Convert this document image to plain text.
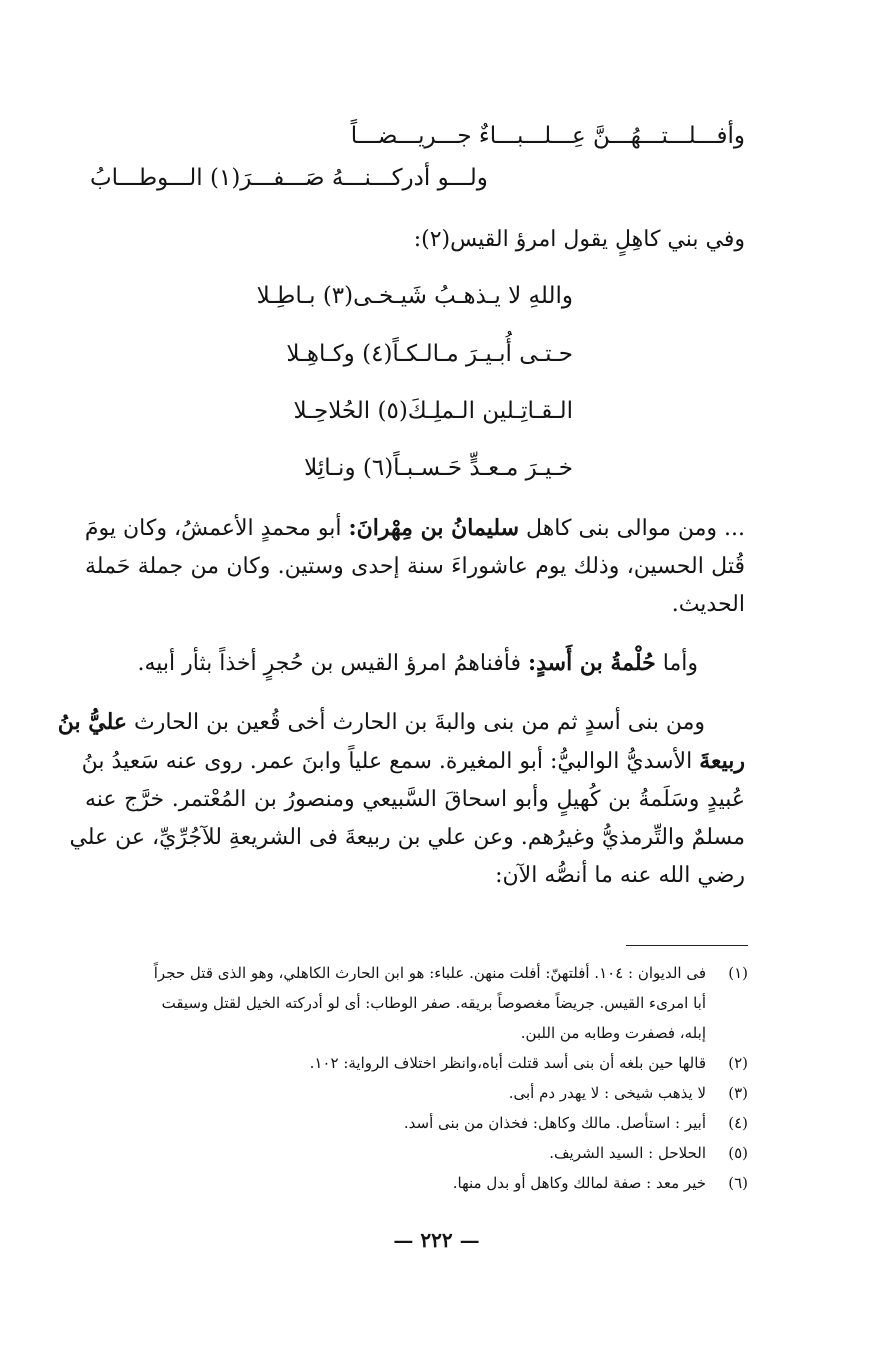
وأفـــلـــتـــهُـــنَّ عِـــلـــبـــاءٌ جـــريـــضـــاً
ولـــو أدركـــنـــهُ صَـــفـــرَ(١) الـــوطـــابُ
وفي بني كاهِلٍ يقول امرؤ القيس(٢):
واللهِ لا يـذهـبُ شَيـخـى(٣) بـاطِـلا
حـتـى أُبـيـرَ مـالـكـاً(٤) وكـاهِـلا
الـقـاتِـلين الـملِـكَ(٥) الحُلاحِـلا
خـيـرَ مـعـدٍّ حَـسـبـاً(٦) ونـائِلا
... ومن موالى بنى كاهل سليمانُ بن مِهْرانَ: أبو محمدٍ الأعمشُ، وكان يومَ
قُتل الحسين، وذلك يوم عاشوراءَ سنة إحدى وستين. وكان من جملة حَملة
الحديث.
وأما حُلْمةُ بن أَسدٍ: فأفناهمُ امرؤ القيس بن حُجرٍ أخذاً بثأر أبيه.
ومن بنى أسدٍ ثم من بنى والبةَ بن الحارث أخى قُعين بن الحارث عليُّ بنُ
ربيعةَ الأسديُّ الوالبيُّ: أبو المغيرة. سمع علياً وابنَ عمر. روى عنه سَعيدُ بنُ
عُبيدٍ وسَلَمةُ بن كُهيلٍ وأبو اسحاقَ السَّبيعي ومنصورُ بن المُعْتمر. خرَّج عنه
مسلمٌ والتِّرمذيُّ وغيرُهم. وعن علي بن ربيعةَ فى الشريعةِ للآجُرِّيِّ، عن علي
رضي الله عنه ما أنصُّه الآن:
(١)
فى الديوان : ١٠٤. أفلتهنّ: أفلت منهن. علباء: هو ابن الحارث الكاهلي، وهو الذى قتل حجراً
أبا امرىء القيس. جريضاً مغصوصاً بريقه. صفر الوطاب: أى لو أدركته الخيل لقتل وسيقت
إبله، فصفرت وطابه من اللبن.
(٢)
قالها حين بلغه أن بنى أسد قتلت أباه،وانظر اختلاف الرواية: ١٠٢.
(٣)
لا يذهب شيخى : لا يهدر دم أبى.
(٤)
أبير : استأصل. مالك وكاهل: فخذان من بنى أسد.
(٥)
الحلاحل : السيد الشريف.
(٦)
خير معد : صفة لمالك وكاهل أو بدل منها.
— ٢٢٢ —
